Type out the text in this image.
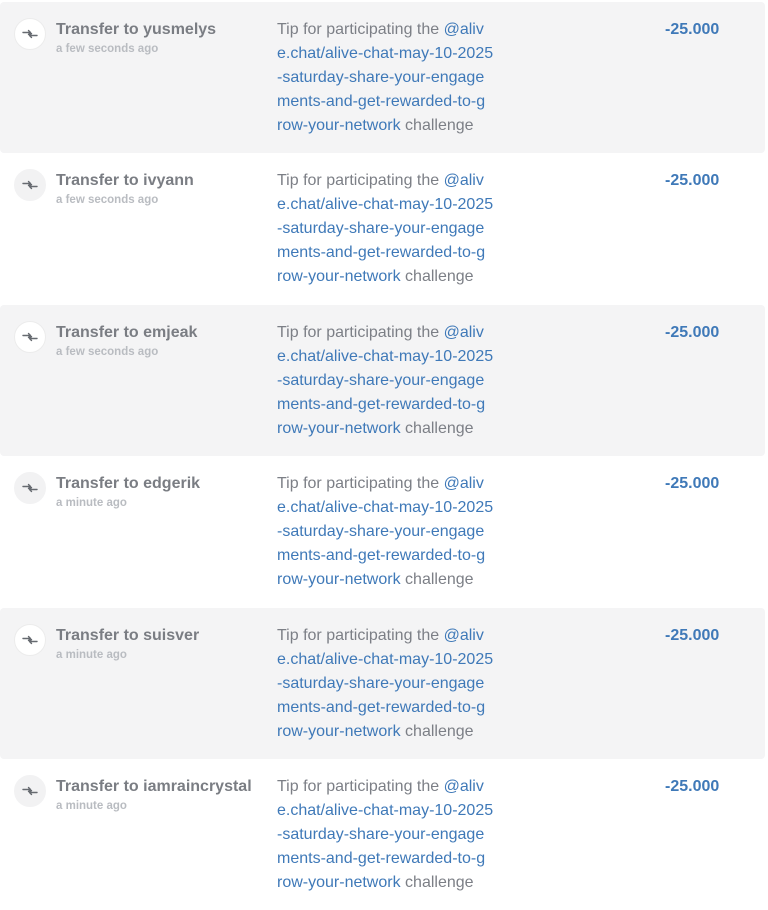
Transfer to yusmelys
a few seconds ago
Tip for participating the @aliv
e.chat/alive-chat-may-10-2025
-saturday-share-your-engage
ments-and-get-rewarded-to-g
row-your-network challenge
-25.000
Transfer to ivyann
a few seconds ago
Tip for participating the @aliv
e.chat/alive-chat-may-10-2025
-saturday-share-your-engage
ments-and-get-rewarded-to-g
row-your-network challenge
-25.000
Transfer to emjeak
a few seconds ago
Tip for participating the @aliv
e.chat/alive-chat-may-10-2025
-saturday-share-your-engage
ments-and-get-rewarded-to-g
row-your-network challenge
-25.000
Transfer to edgerik
a minute ago
Tip for participating the @aliv
e.chat/alive-chat-may-10-2025
-saturday-share-your-engage
ments-and-get-rewarded-to-g
row-your-network challenge
-25.000
Transfer to suisver
a minute ago
Tip for participating the @aliv
e.chat/alive-chat-may-10-2025
-saturday-share-your-engage
ments-and-get-rewarded-to-g
row-your-network challenge
-25.000
Transfer to iamraincrystal
a minute ago
Tip for participating the @aliv
e.chat/alive-chat-may-10-2025
-saturday-share-your-engage
ments-and-get-rewarded-to-g
row-your-network challenge
-25.000
